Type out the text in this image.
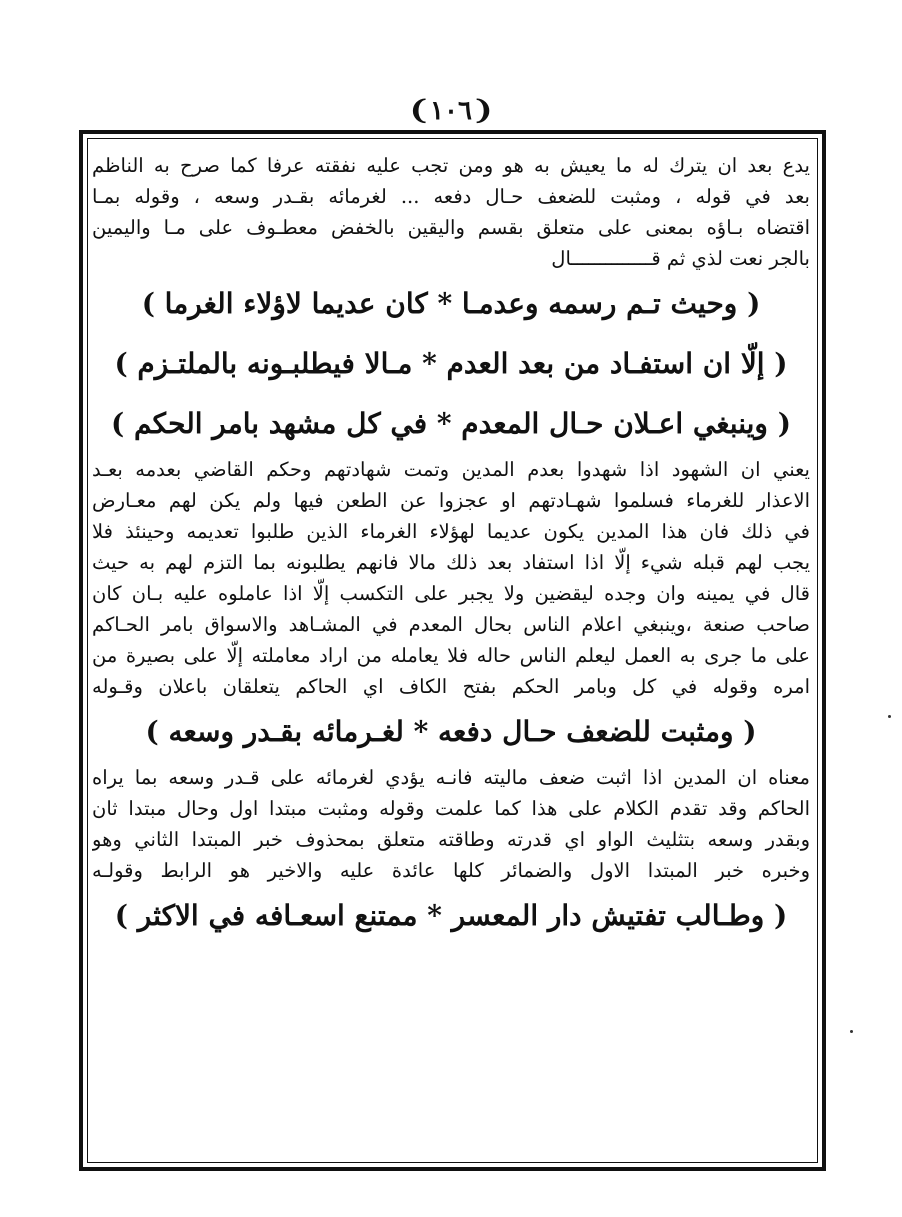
❨١٠٦❩
يدع بعد ان يترك له ما يعيش به هو ومن تجب عليه نفقته عرفا كما صرح به الناظم
بعد في قوله ، ومثبت للضعف حـال دفعه ... لغرمائه بقـدر وسعه ، وقوله بمـا
اقتضاه بـاؤه بمعنى على متعلق بقسم واليقين بالخفض معطـوف على مـا واليمين
بالجر نعت لذي ثم قــــــــــــــال
( وحيث تـم رسمه وعدمـا * كان عديما لاؤلاء الغرما )
( إلّا ان استفـاد من بعد العدم * مـالا فيطلبـونه بالملتـزم )
( وينبغي اعـلان حـال المعدم * في كل مشهد بامر الحكم )
يعني ان الشهود اذا شهدوا بعدم المدين وتمت شهادتهم وحكم القاضي بعدمه بعـد
الاعذار للغرماء فسلموا شهـادتهم او عجزوا عن الطعن فيها ولم يكن لهم معـارض
في ذلك فان هذا المدين يكون عديما لهؤلاء الغرماء الذين طلبوا تعديمه وحينئذ فلا
يجب لهم قبله شيء إلّا اذا استفاد بعد ذلك مالا فانهم يطلبونه بما التزم لهم به حيث
قال في يمينه وان وجده ليقضين ولا يجبر على التكسب إلّا اذا عاملوه عليه بـان كان
صاحب صنعة ،وينبغي اعلام الناس بحال المعدم في المشـاهد والاسواق بامر الحـاكم
على ما جرى به العمل ليعلم الناس حاله فلا يعامله من اراد معاملته إلّا على بصيرة من
امره وقوله في كل وبامر الحكم بفتح الكاف اي الحاكم يتعلقان باعلان وقـوله
( ومثبت للضعف حـال دفعه * لغـرمائه بقـدر وسعه )
معناه ان المدين اذا اثبت ضعف ماليته فانـه يؤدي لغرمائه على قـدر وسعه بما يراه
الحاكم وقد تقدم الكلام على هذا كما علمت وقوله ومثبت مبتدا اول وحال مبتدا ثان
وبقدر وسعه بتثليث الواو اي قدرته وطاقته متعلق بمحذوف خبر المبتدا الثاني وهو
وخبره خبر المبتدا الاول والضمائر كلها عائدة عليه والاخير هو الرابط وقولـه
( وطـالب تفتيش دار المعسر * ممتنع اسعـافه في الاكثر )
